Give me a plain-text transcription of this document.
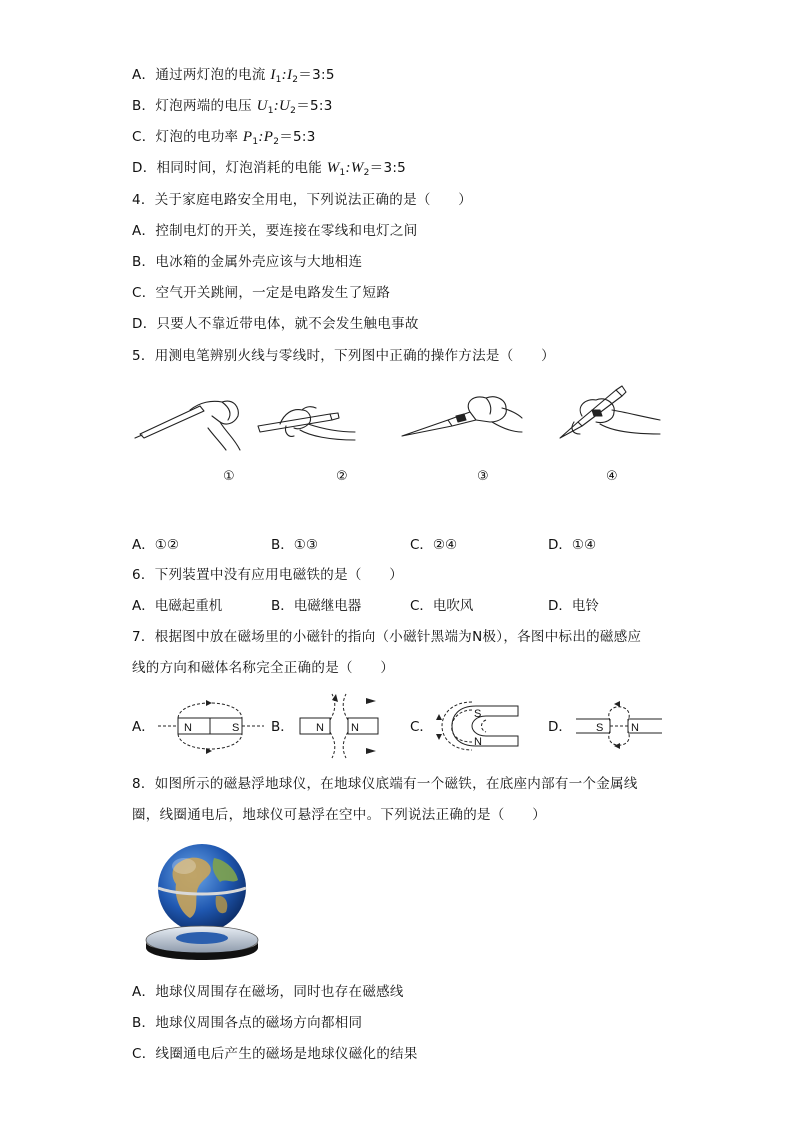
A．通过两灯泡的电流 $I_1:I_2=3:5$
B．灯泡两端的电压 $U_1:U_2=5:3$
C．灯泡的电功率 $P_1:P_2=5:3$
D．相同时间，灯泡消耗的电能 $W_1:W_2=3:5$
4．关于家庭电路安全用电，下列说法正确的是（　　）
A．控制电灯的开关，要连接在零线和电灯之间
B．电冰箱的金属外壳应该与大地相连
C．空气开关跳闸，一定是电路发生了短路
D．只要人不靠近带电体，就不会发生触电事故
5．用测电笔辨别火线与零线时，下列图中正确的操作方法是（　　）
①	②	③	④
A．①②	B．①③	C．②④	D．①④
6．下列装置中没有应用电磁铁的是（　　）
A．电磁起重机	B．电磁继电器	C．电吹风	D．电铃
7．根据图中放在磁场里的小磁针的指向（小磁针黑端为N极），各图中标出的磁感应
线的方向和磁体名称完全正确的是（　　）
A．	B．	C．	D．
N	S	N N
S
N
S	N
8．如图所示的磁悬浮地球仪，在地球仪底端有一个磁铁，在底座内部有一个金属线
圈，线圈通电后，地球仪可悬浮在空中。下列说法正确的是（　　）
A．地球仪周围存在磁场，同时也存在磁感线
B．地球仪周围各点的磁场方向都相同
C．线圈通电后产生的磁场是地球仪磁化的结果
